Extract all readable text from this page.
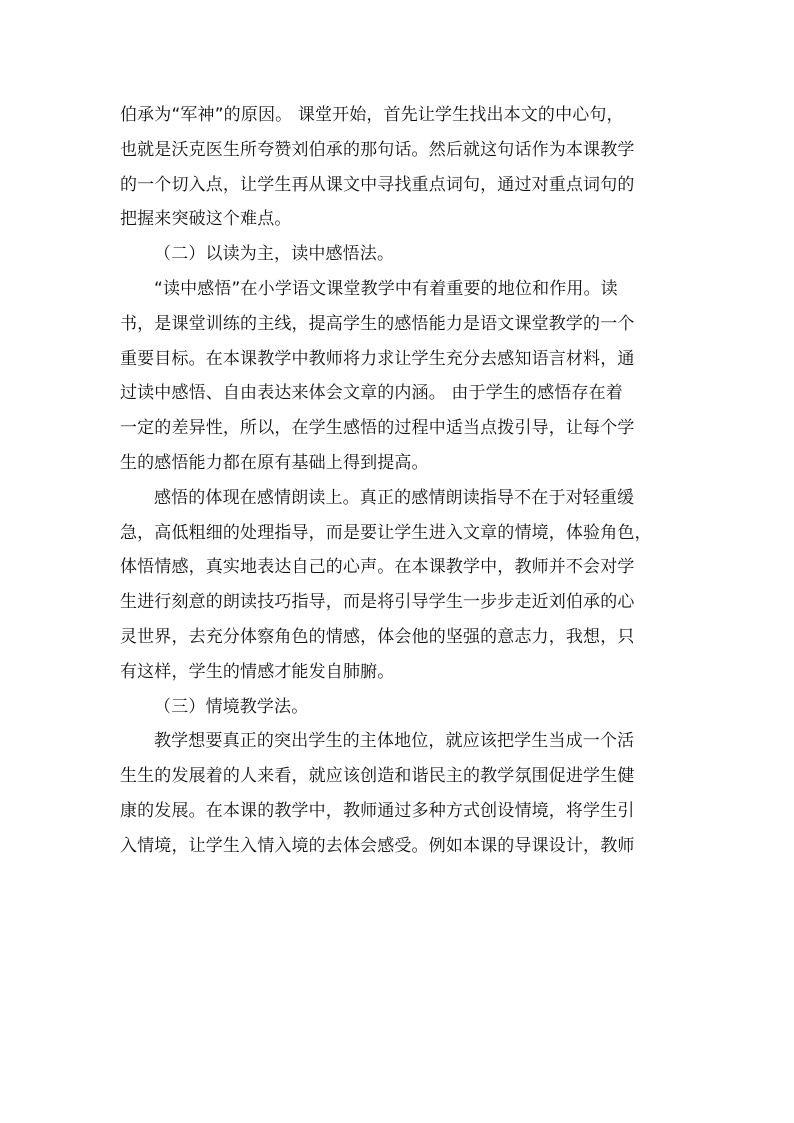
伯承为“军神”的原因。 课堂开始，首先让学生找出本文的中心句，
也就是沃克医生所夸赞刘伯承的那句话。然后就这句话作为本课教学
的一个切入点，让学生再从课文中寻找重点词句，通过对重点词句的
把握来突破这个难点。
（二）以读为主，读中感悟法。
“读中感悟”在小学语文课堂教学中有着重要的地位和作用。读
书，是课堂训练的主线，提高学生的感悟能力是语文课堂教学的一个
重要目标。在本课教学中教师将力求让学生充分去感知语言材料，通
过读中感悟、自由表达来体会文章的内涵。 由于学生的感悟存在着
一定的差异性，所以，在学生感悟的过程中适当点拨引导，让每个学
生的感悟能力都在原有基础上得到提高。
感悟的体现在感情朗读上。真正的感情朗读指导不在于对轻重缓
急，高低粗细的处理指导，而是要让学生进入文章的情境，体验角色，
体悟情感，真实地表达自己的心声。在本课教学中，教师并不会对学
生进行刻意的朗读技巧指导，而是将引导学生一步步走近刘伯承的心
灵世界，去充分体察角色的情感，体会他的坚强的意志力，我想，只
有这样，学生的情感才能发自肺腑。
（三）情境教学法。
教学想要真正的突出学生的主体地位，就应该把学生当成一个活
生生的发展着的人来看，就应该创造和谐民主的教学氛围促进学生健
康的发展。在本课的教学中，教师通过多种方式创设情境，将学生引
入情境，让学生入情入境的去体会感受。例如本课的导课设计，教师
